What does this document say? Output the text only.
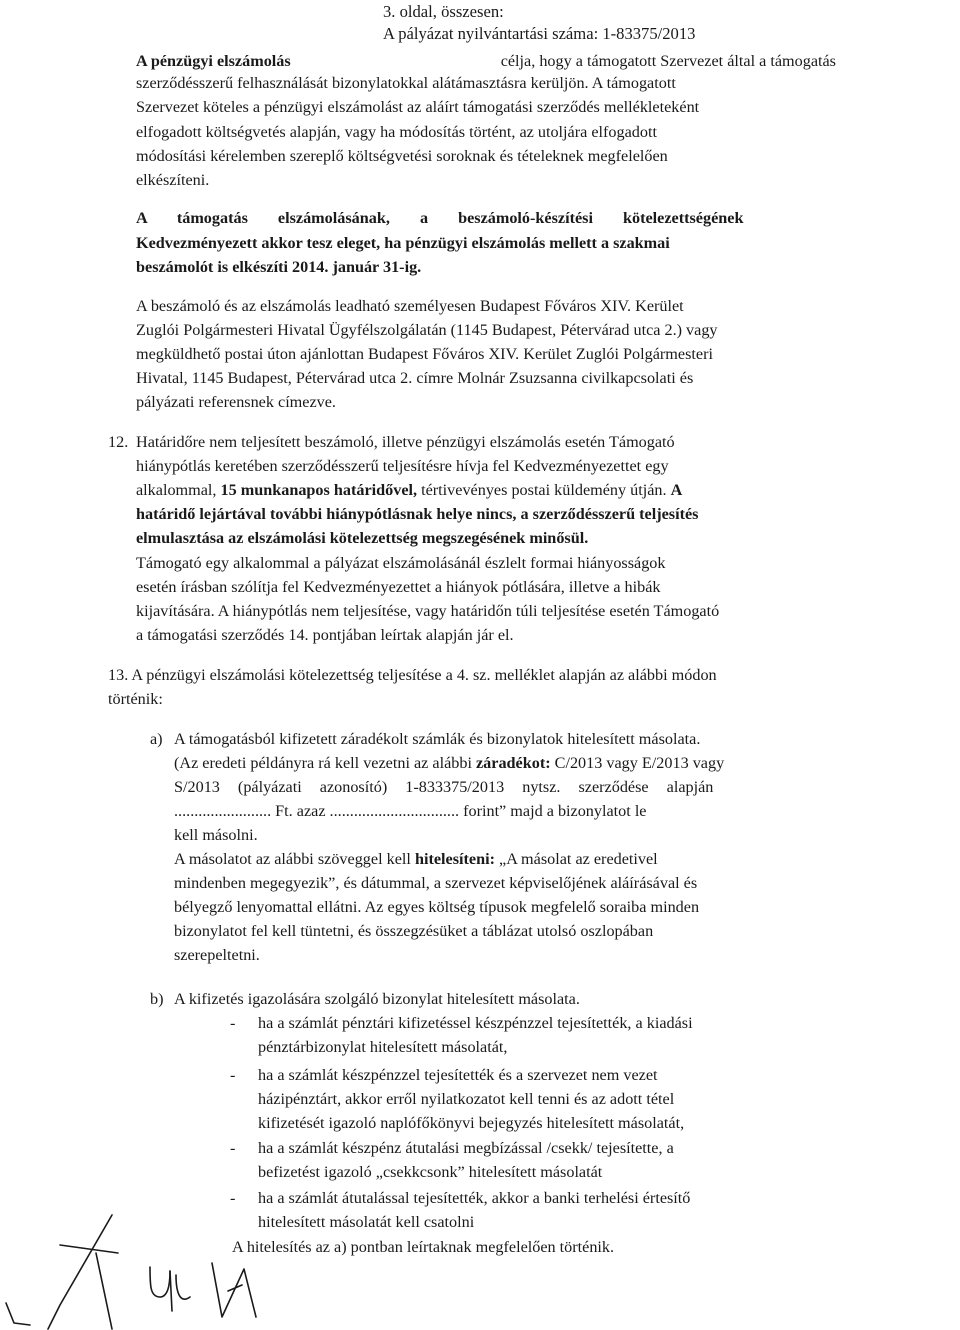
3. oldal, összesen:
A pályázat nyilvántartási száma: 1-83375/2013
A pénzügyi elszámolás	célja, hogy a támogatott Szervezet által a támogatás
szerződésszerű felhasználását bizonylatokkal alátámasztásra kerüljön. A támogatott
Szervezet köteles a pénzügyi elszámolást az aláírt támogatási szerződés mellékleteként
elfogadott költségvetés alapján, vagy ha módosítás történt, az utoljára elfogadott
módosítási kérelemben szereplő költségvetési soroknak és tételeknek megfelelően
elkészíteni.
A támogatás elszámolásának, a beszámoló-készítési kötelezettségének
Kedvezményezett akkor tesz eleget, ha pénzügyi elszámolás mellett a szakmai
beszámolót is elkészíti 2014. január 31-ig.
A beszámoló és az elszámolás leadható személyesen Budapest Főváros XIV. Kerület
Zuglói Polgármesteri Hivatal Ügyfélszolgálatán (1145 Budapest, Pétervárad utca 2.) vagy
megküldhető postai úton ajánlottan Budapest Főváros XIV. Kerület Zuglói Polgármesteri
Hivatal, 1145 Budapest, Pétervárad utca 2. címre Molnár Zsuzsanna civilkapcsolati és
pályázati referensnek címezve.
12. Határidőre nem teljesített beszámoló, illetve pénzügyi elszámolás esetén Támogató
hiánypótlás keretében szerződésszerű teljesítésre hívja fel Kedvezményezettet egy
alkalommal, 15 munkanapos határidővel, tértivevényes postai küldemény útján. A
határidő lejártával további hiánypótlásnak helye nincs, a szerződésszerű teljesítés
elmulasztása az elszámolási kötelezettség megszegésének minősül.
Támogató egy alkalommal a pályázat elszámolásánál észlelt formai hiányosságok
esetén írásban szólítja fel Kedvezményezettet a hiányok pótlására, illetve a hibák
kijavítására. A hiánypótlás nem teljesítése, vagy határidőn túli teljesítése esetén Támogató
a támogatási szerződés 14. pontjában leírtak alapján jár el.
13. A pénzügyi elszámolási kötelezettség teljesítése a 4. sz. melléklet alapján az alábbi módon
történik:
a) A támogatásból kifizetett záradékolt számlák és bizonylatok hitelesített másolata.
(Az eredeti példányra rá kell vezetni az alábbi záradékot: C/2013 vagy E/2013 vagy
S/2013 (pályázati azonosító) 1-833375/2013 nytsz. szerződése alapján
........................ Ft. azaz ................................ forint” majd a bizonylatot le
kell másolni.
A másolatot az alábbi szöveggel kell hitelesíteni: „A másolat az eredetivel
mindenben megegyezik”, és dátummal, a szervezet képviselőjének aláírásával és
bélyegző lenyomattal ellátni. Az egyes költség típusok megfelelő soraiba minden
bizonylatot fel kell tüntetni, és összegzésüket a táblázat utolsó oszlopában
szerepeltetni.
b) A kifizetés igazolására szolgáló bizonylat hitelesített másolata.
- ha a számlát pénztári kifizetéssel készpénzzel tejesítették, a kiadási
pénztárbizonylat hitelesített másolatát,
- ha a számlát készpénzzel tejesítették és a szervezet nem vezet
házipénztárt, akkor erről nyilatkozatot kell tenni és az adott tétel
kifizetését igazoló naplófőkönyvi bejegyzés hitelesített másolatát,
- ha a számlát készpénz átutalási megbízással /csekk/ tejesítette, a
befizetést igazoló „csekkcsonk” hitelesített másolatát
- ha a számlát átutalással tejesítették, akkor a banki terhelési értesítő
hitelesített másolatát kell csatolni
A hitelesítés az a) pontban leírtaknak megfelelően történik.
